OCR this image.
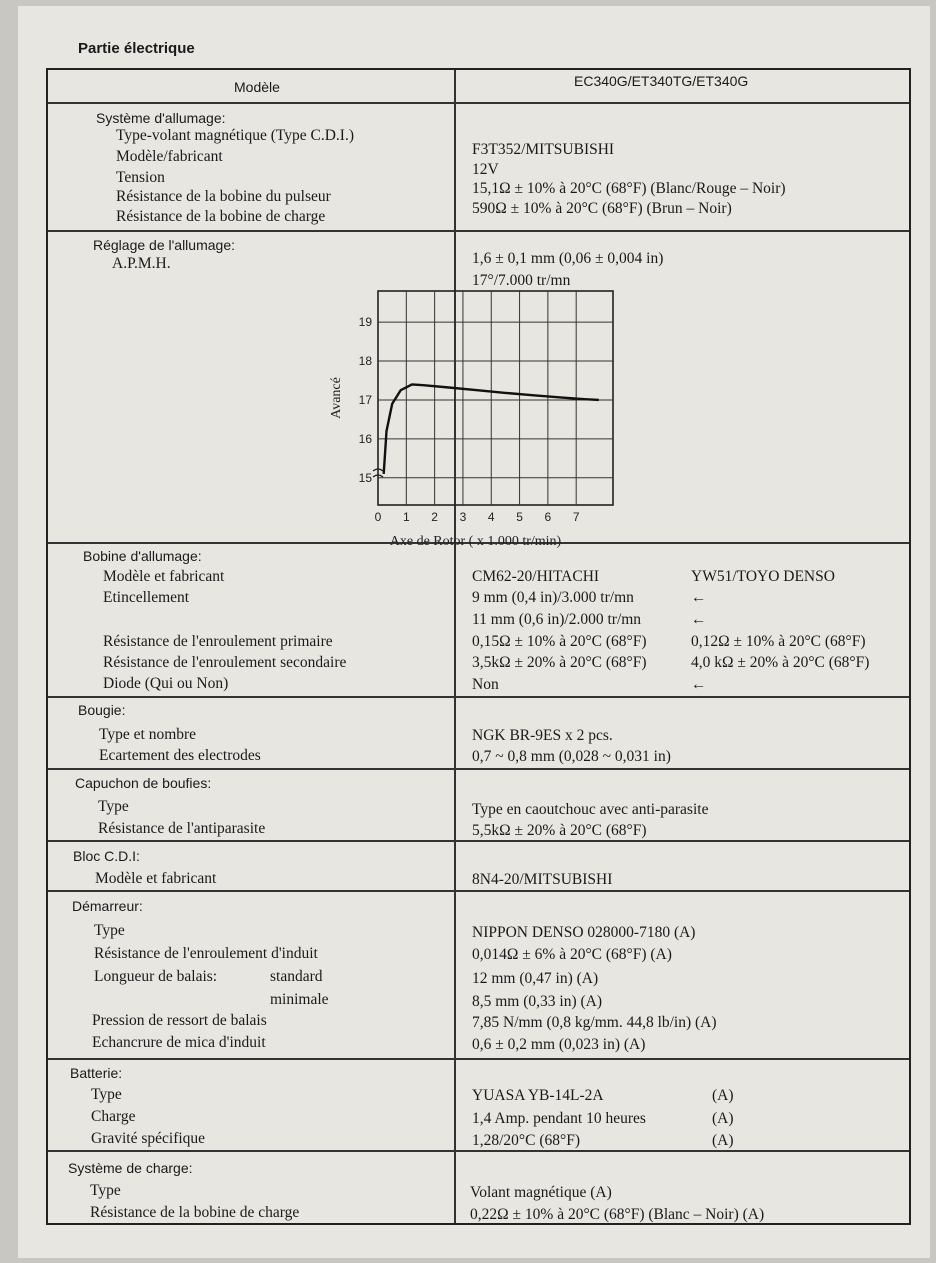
Partie électrique
Modèle	EC340G/ET340TG/ET340G
Système d'allumage:
Type-volant magnétique (Type C.D.I.)
Modèle/fabricant	F3T352/MITSUBISHI
Tension	12V
Résistance de la bobine du pulseur	15,1Ω ± 10% à 20°C (68°F) (Blanc/Rouge – Noir)
Résistance de la bobine de charge	590Ω ± 10% à 20°C (68°F) (Brun – Noir)
Réglage de l'allumage:
A.P.M.H.	1,6 ± 0,1 mm (0,06 ± 0,004 in)
17°/7.000 tr/mn
0 1 2 3 4 5 6 7
15
16
17
18
19
Axe de Rotor ( x 1.000 tr/min)
Avancé
Bobine d'allumage:
Modèle et fabricant	CM62-20/HITACHI	YW51/TOYO DENSO
Etincellement	9 mm (0,4 in)/3.000 tr/mn	←
11 mm (0,6 in)/2.000 tr/mn	←
Résistance de l'enroulement primaire	0,15Ω ± 10% à 20°C (68°F)	0,12Ω ± 10% à 20°C (68°F)
Résistance de l'enroulement secondaire	3,5kΩ ± 20% à 20°C (68°F)	4,0 kΩ ± 20% à 20°C (68°F)
Diode (Qui ou Non)	Non	←
Bougie:
Type et nombre	NGK BR-9ES x 2 pcs.
Ecartement des electrodes	0,7 ~ 0,8 mm (0,028 ~ 0,031 in)
Capuchon de boufies:
Type	Type en caoutchouc avec anti-parasite
Résistance de l'antiparasite	5,5kΩ ± 20% à 20°C (68°F)
Bloc C.D.I:
Modèle et fabricant	8N4-20/MITSUBISHI
Démarreur:
Type	NIPPON DENSO 028000-7180 (A)
Résistance de l'enroulement d'induit	0,014Ω ± 6% à 20°C (68°F) (A)
Longueur de balais:	standard	12 mm (0,47 in) (A)
minimale	8,5 mm (0,33 in) (A)
Pression de ressort de balais	7,85 N/mm (0,8 kg/mm. 44,8 lb/in) (A)
Echancrure de mica d'induit	0,6 ± 0,2 mm (0,023 in) (A)
Batterie:
Type	YUASA YB-14L-2A	(A)
Charge	1,4 Amp. pendant 10 heures	(A)
Gravité spécifique	1,28/20°C (68°F)	(A)
Système de charge:
Type	Volant magnétique (A)
Résistance de la bobine de charge	0,22Ω ± 10% à 20°C (68°F) (Blanc – Noir) (A)
